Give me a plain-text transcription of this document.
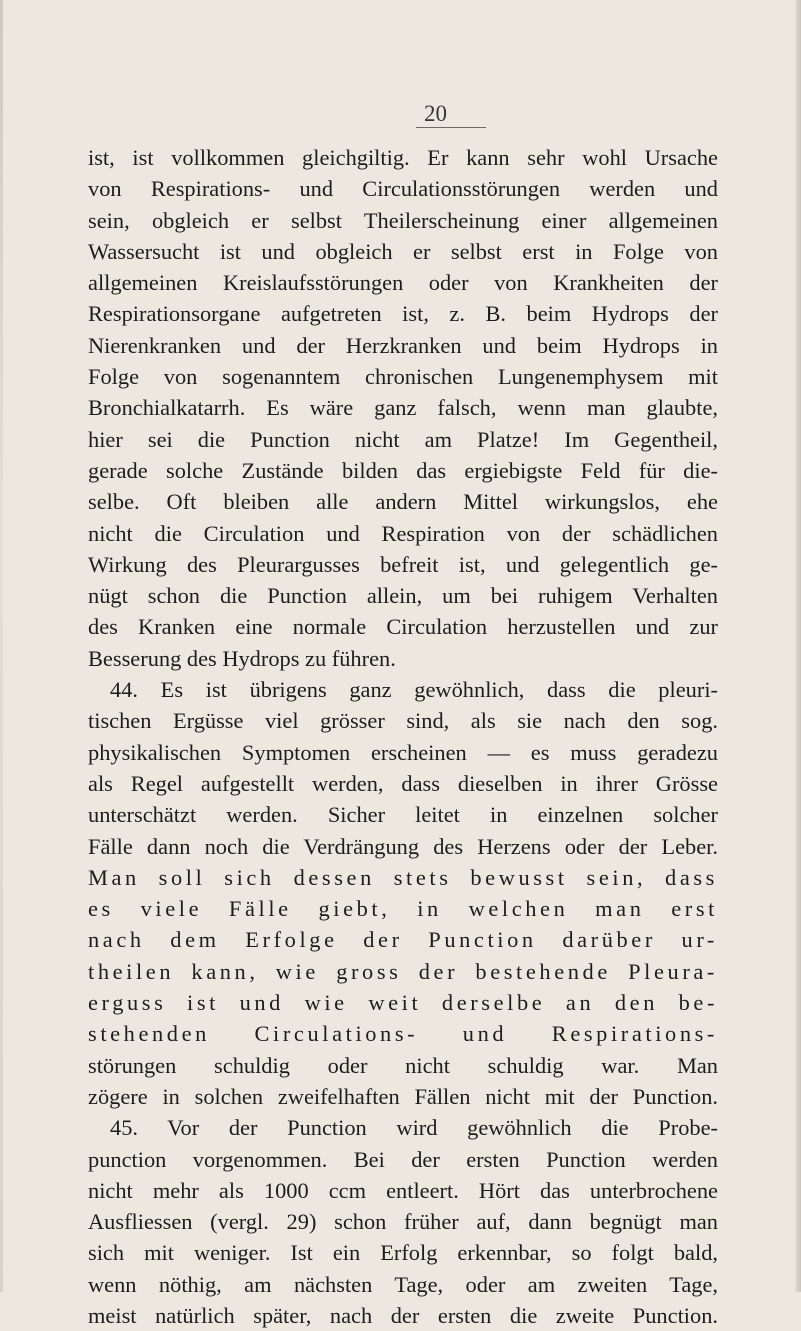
20
ist, ist vollkommen gleichgiltig. Er kann sehr wohl Ursache
von Respirations- und Circulationsstörungen werden und
sein, obgleich er selbst Theilerscheinung einer allgemeinen
Wassersucht ist und obgleich er selbst erst in Folge von
allgemeinen Kreislaufsstörungen oder von Krankheiten der
Respirationsorgane aufgetreten ist, z. B. beim Hydrops der
Nierenkranken und der Herzkranken und beim Hydrops in
Folge von sogenanntem chronischen Lungenemphysem mit
Bronchialkatarrh. Es wäre ganz falsch, wenn man glaubte,
hier sei die Punction nicht am Platze! Im Gegentheil,
gerade solche Zustände bilden das ergiebigste Feld für die-
selbe. Oft bleiben alle andern Mittel wirkungslos, ehe
nicht die Circulation und Respiration von der schädlichen
Wirkung des Pleurargusses befreit ist, und gelegentlich ge-
nügt schon die Punction allein, um bei ruhigem Verhalten
des Kranken eine normale Circulation herzustellen und zur
Besserung des Hydrops zu führen.
44. Es ist übrigens ganz gewöhnlich, dass die pleuri-
tischen Ergüsse viel grösser sind, als sie nach den sog.
physikalischen Symptomen erscheinen — es muss geradezu
als Regel aufgestellt werden, dass dieselben in ihrer Grösse
unterschätzt werden. Sicher leitet in einzelnen solcher
Fälle dann noch die Verdrängung des Herzens oder der Leber.
Man soll sich dessen stets bewusst sein, dass
es viele Fälle giebt, in welchen man erst
nach dem Erfolge der Punction darüber ur-
theilen kann, wie gross der bestehende Pleura-
erguss ist und wie weit derselbe an den be-
stehenden Circulations- und Respirations-
störungen schuldig oder nicht schuldig war. Man
zögere in solchen zweifelhaften Fällen nicht mit der Punction.
45. Vor der Punction wird gewöhnlich die Probe-
punction vorgenommen. Bei der ersten Punction werden
nicht mehr als 1000 ccm entleert. Hört das unterbrochene
Ausfliessen (vergl. 29) schon früher auf, dann begnügt man
sich mit weniger. Ist ein Erfolg erkennbar, so folgt bald,
wenn nöthig, am nächsten Tage, oder am zweiten Tage,
meist natürlich später, nach der ersten die zweite Punction.
